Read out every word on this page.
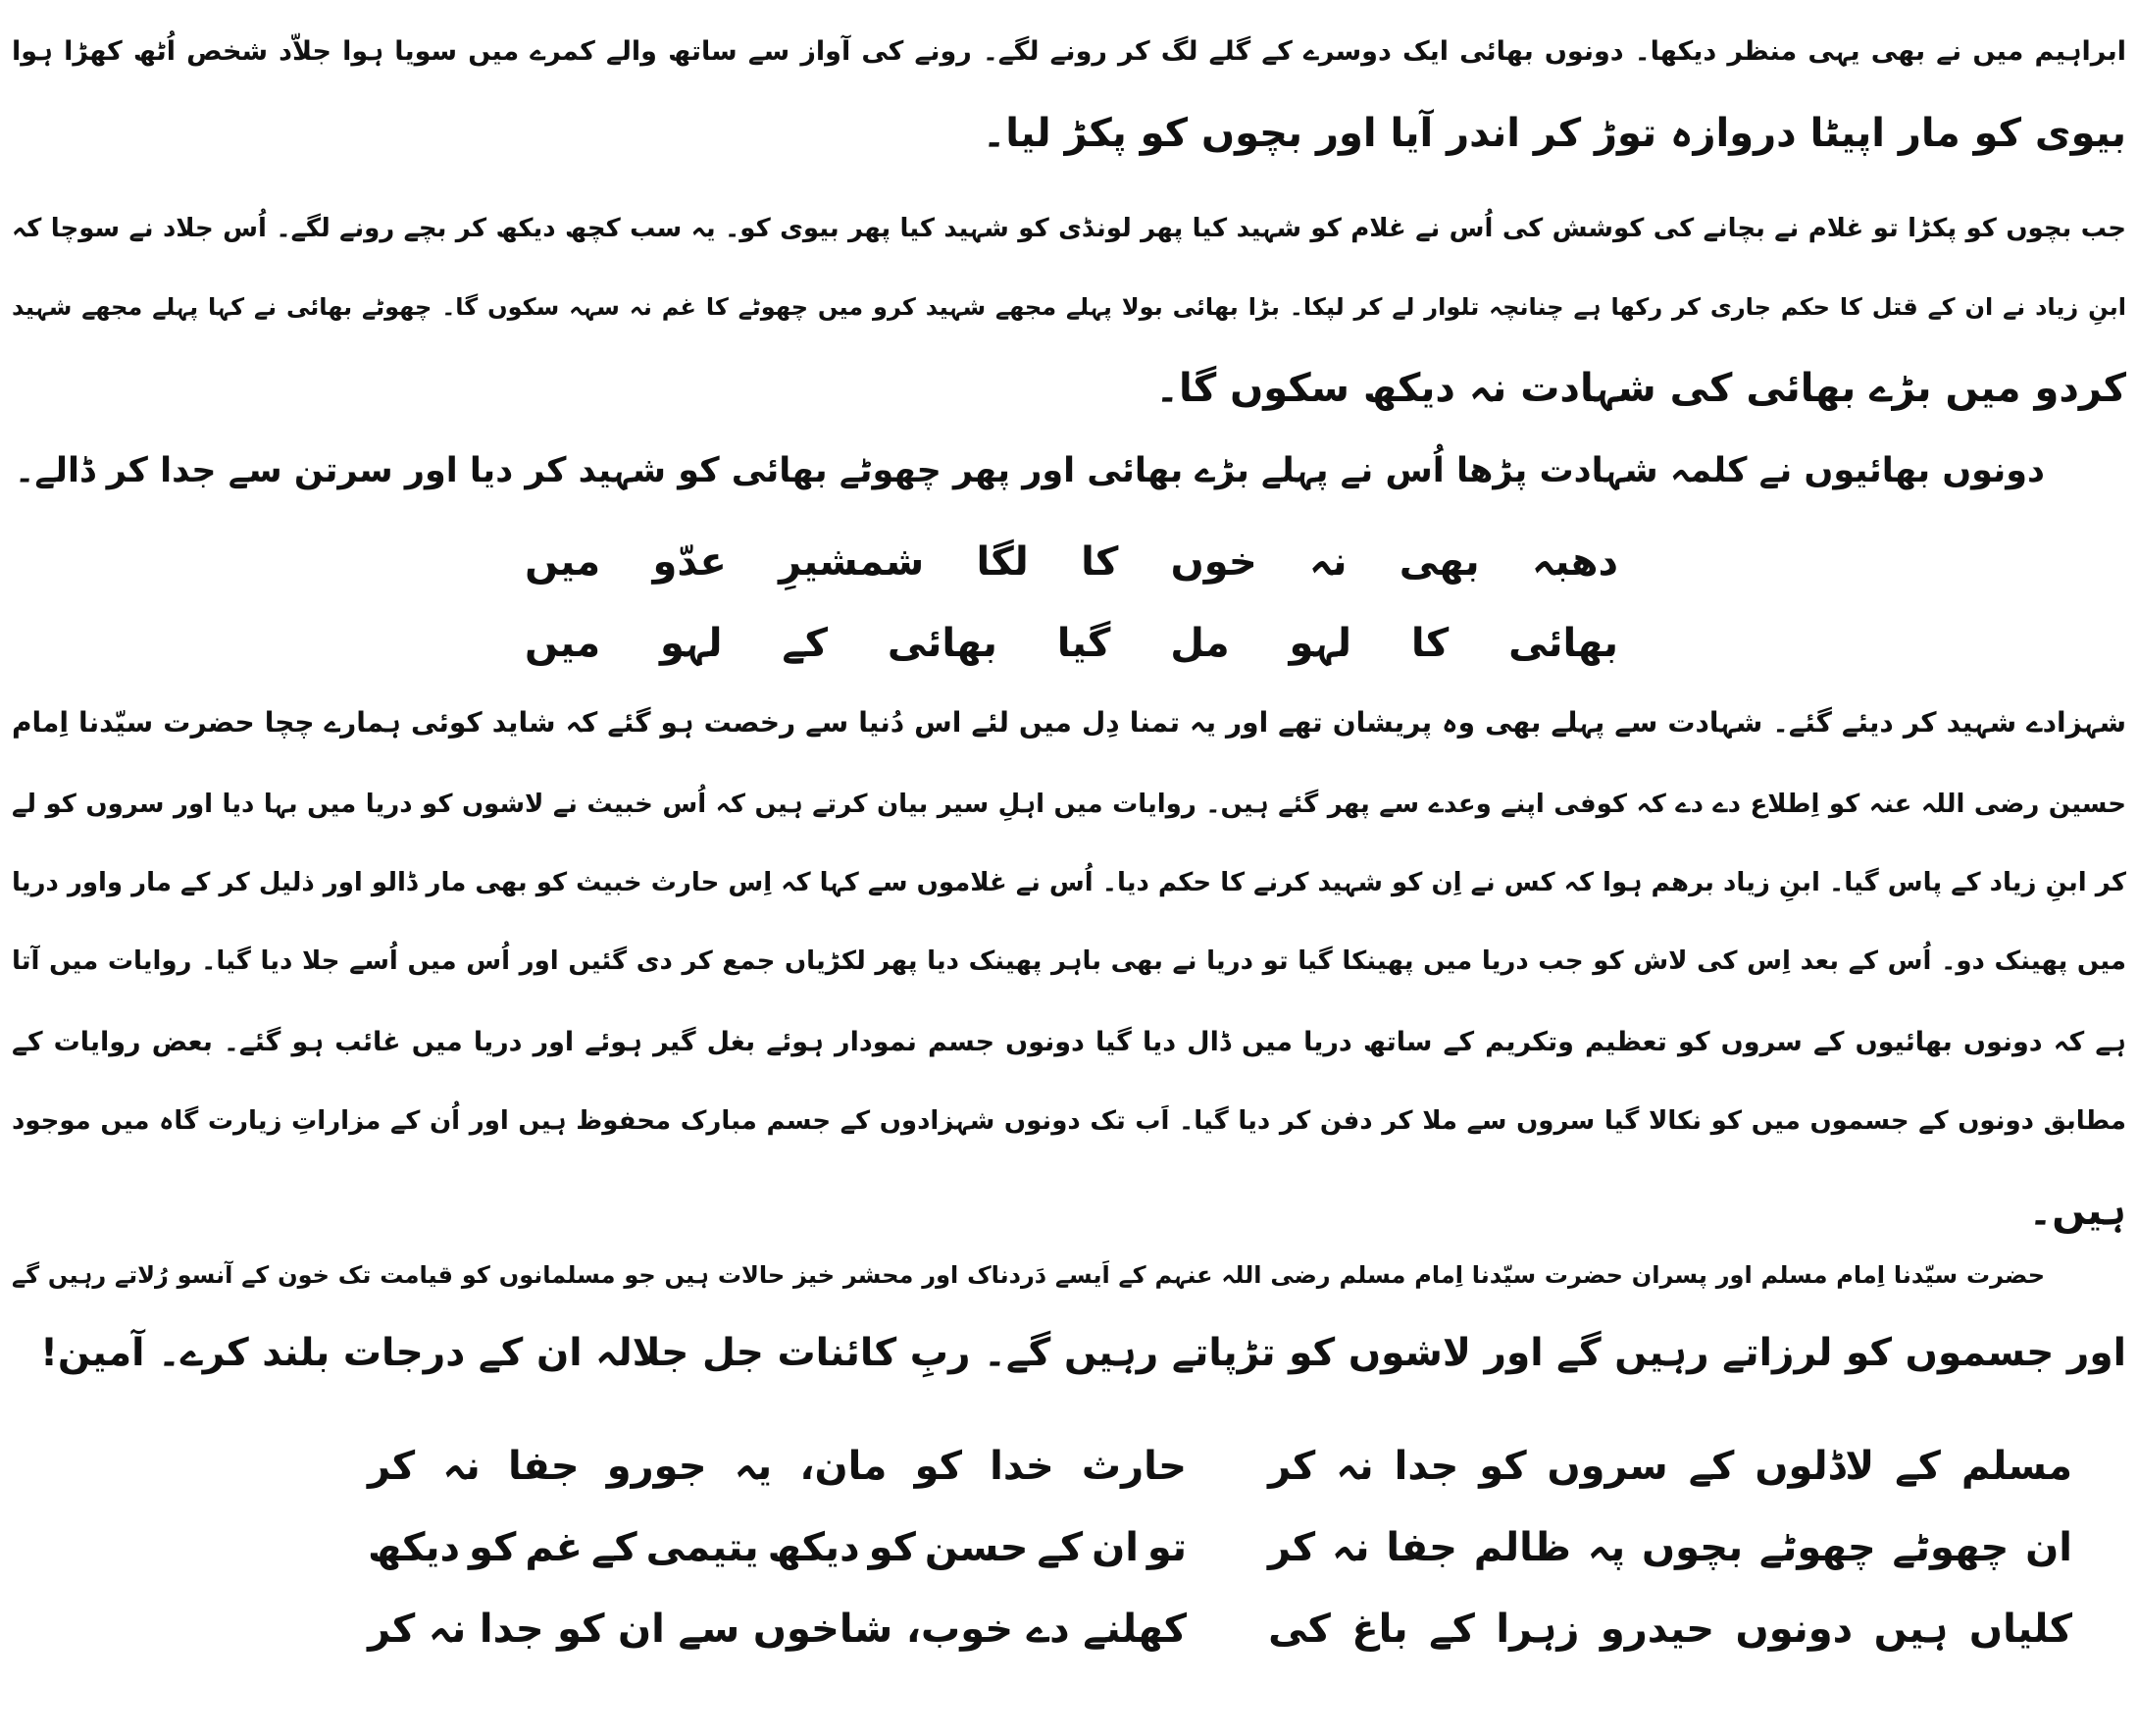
ابراہیم میں نے بھی یہی منظر دیکھا۔ دونوں بھائی ایک دوسرے کے گلے لگ کر رونے لگے۔ رونے کی آواز سے ساتھ والے کمرے میں سویا ہوا جلاّد شخص اُٹھ کھڑا ہوا
بیوی کو مار اپیٹا دروازہ توڑ کر اندر آیا اور بچوں کو پکڑ لیا۔
جب بچوں کو پکڑا تو غلام نے بچانے کی کوشش کی اُس نے غلام کو شہید کیا پھر لونڈی کو شہید کیا پھر بیوی کو۔ یہ سب کچھ دیکھ کر بچے رونے لگے۔ اُس جلاد نے سوچا کہ
ابنِ زیاد نے ان کے قتل کا حکم جاری کر رکھا ہے چنانچہ تلوار لے کر لپکا۔ بڑا بھائی بولا پہلے مجھے شہید کرو میں چھوٹے کا غم نہ سہہ سکوں گا۔ چھوٹے بھائی نے کہا پہلے مجھے شہید
کردو میں بڑے بھائی کی شہادت نہ دیکھ سکوں گا۔
دونوں بھائیوں نے کلمہ شہادت پڑھا اُس نے پہلے بڑے بھائی اور پھر چھوٹے بھائی کو شہید کر دیا اور سرتن سے جدا کر ڈالے۔
دھبہ
بھی
نہ
خوں
کا
لگا
شمشیرِ
عدّو
میں
بھائی
کا
لہو
مل
گیا
بھائی
کے
لہو
میں
شہزادے شہید کر دیئے گئے۔ شہادت سے پہلے بھی وہ پریشان تھے اور یہ تمنا دِل میں لئے اس دُنیا سے رخصت ہو گئے کہ شاید کوئی ہمارے چچا حضرت سیّدنا اِمام
حسین رضی اللہ عنہ کو اِطلاع دے دے کہ کوفی اپنے وعدے سے پھر گئے ہیں۔ روایات میں اہلِ سیر بیان کرتے ہیں کہ اُس خبیث نے لاشوں کو دریا میں بہا دیا اور سروں کو لے
کر ابنِ زیاد کے پاس گیا۔ ابنِ زیاد برھم ہوا کہ کس نے اِن کو شہید کرنے کا حکم دیا۔ اُس نے غلاموں سے کہا کہ اِس حارث خبیث کو بھی مار ڈالو اور ذلیل کر کے مار واور دریا
میں پھینک دو۔ اُس کے بعد اِس کی لاش کو جب دریا میں پھینکا گیا تو دریا نے بھی باہر پھینک دیا پھر لکڑیاں جمع کر دی گئیں اور اُس میں اُسے جلا دیا گیا۔ روایات میں آتا
ہے کہ دونوں بھائیوں کے سروں کو تعظیم وتکریم کے ساتھ دریا میں ڈال دیا گیا دونوں جسم نمودار ہوئے بغل گیر ہوئے اور دریا میں غائب ہو گئے۔ بعض روایات کے
مطابق دونوں کے جسموں میں کو نکالا گیا سروں سے ملا کر دفن کر دیا گیا۔ اَب تک دونوں شہزادوں کے جسم مبارک محفوظ ہیں اور اُن کے مزاراتِ زیارت گاہ میں موجود
ہیں۔
حضرت سیّدنا اِمام مسلم اور پسران حضرت سیّدنا اِمام مسلم رضی اللہ عنہم کے اَیسے دَردناک اور محشر خیز حالات ہیں جو مسلمانوں کو قیامت تک خون کے آنسو رُلاتے رہیں گے
اور جسموں کو لرزاتے رہیں گے اور لاشوں کو تڑپاتے رہیں گے۔ ربِ کائنات جل جلالہ ان کے درجات بلند کرے۔ آمین!
مسلم
کے
لاڈلوں
کے
سروں
کو
جدا
نہ
کر
حارث
خدا
کو
مان،
یہ
جورو
جفا
نہ
کر
ان
چھوٹے
چھوٹے
بچوں
پہ
ظالم
جفا
نہ
کر
تو
ان
کے
حسن
کو
دیکھ
یتیمی
کے
غم
کو
دیکھ
کلیاں
ہیں
دونوں
حیدرو
زہرا
کے
باغ
کی
کھلنے
دے
خوب،
شاخوں
سے
ان
کو
جدا
نہ
کر
